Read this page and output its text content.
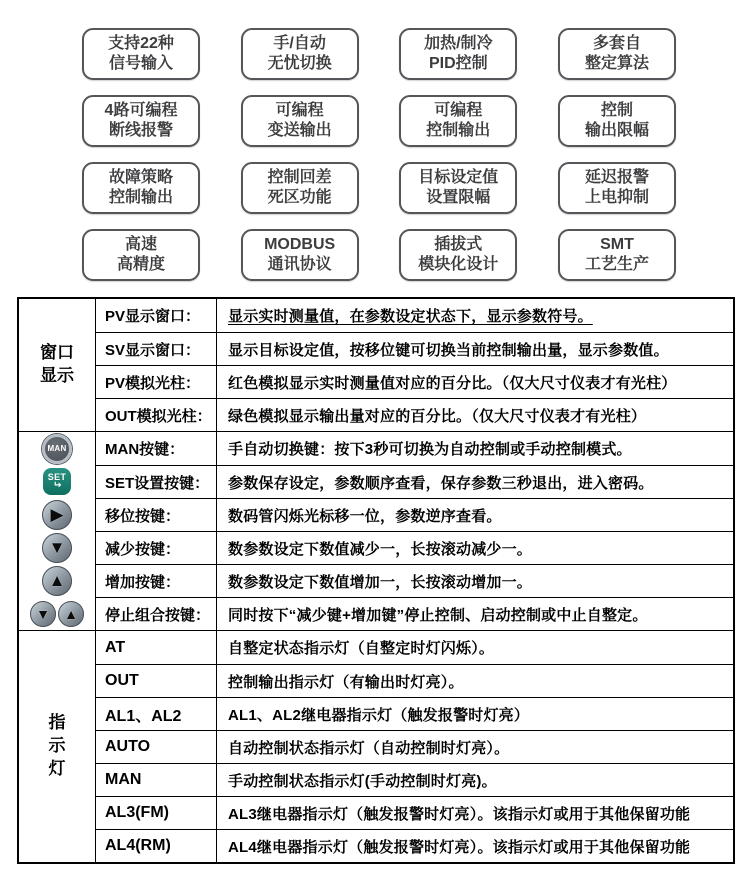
支持22种
信号输入
手/自动
无忧切换
加热/制冷
PID控制
多套自
整定算法
4路可编程
断线报警
可编程
变送输出
可编程
控制输出
控制
输出限幅
故障策略
控制输出
控制回差
死区功能
目标设定值
设置限幅
延迟报警
上电抑制
高速
高精度
MODBUS
通讯协议
插拔式
模块化设计
SMT
工艺生产
窗口
显示
PV显示窗口：	显示实时测量值，在参数设定状态下，显示参数符号。
SV显示窗口：	显示目标设定值，按移位键可切换当前控制输出量，显示参数值。
PV模拟光柱：	红色模拟显示实时测量值对应的百分比。（仅大尺寸仪表才有光柱）
OUT模拟光柱：	绿色模拟显示输出量对应的百分比。（仅大尺寸仪表才有光柱）
MAN
SET
↵
▶
▼
▲
▼ ▲
MAN按键：	手自动切换键：按下3秒可切换为自动控制或手动控制模式。
SET设置按键：	参数保存设定，参数顺序查看，保存参数三秒退出，进入密码。
移位按键：	数码管闪烁光标移一位，参数逆序查看。
减少按键：	数参数设定下数值减少一，长按滚动减少一。
增加按键：	数参数设定下数值增加一，长按滚动增加一。
停止组合按键：	同时按下“减少键+增加键”停止控制、启动控制或中止自整定。
指
示
灯
AT	自整定状态指示灯（自整定时灯闪烁）。
OUT	控制输出指示灯（有输出时灯亮）。
AL1、AL2	AL1、AL2继电器指示灯（触发报警时灯亮）
AUTO	自动控制状态指示灯（自动控制时灯亮）。
MAN	手动控制状态指示灯(手动控制时灯亮)。
AL3(FM)	AL3继电器指示灯（触发报警时灯亮）。该指示灯或用于其他保留功能
AL4(RM)	AL4继电器指示灯（触发报警时灯亮）。该指示灯或用于其他保留功能
